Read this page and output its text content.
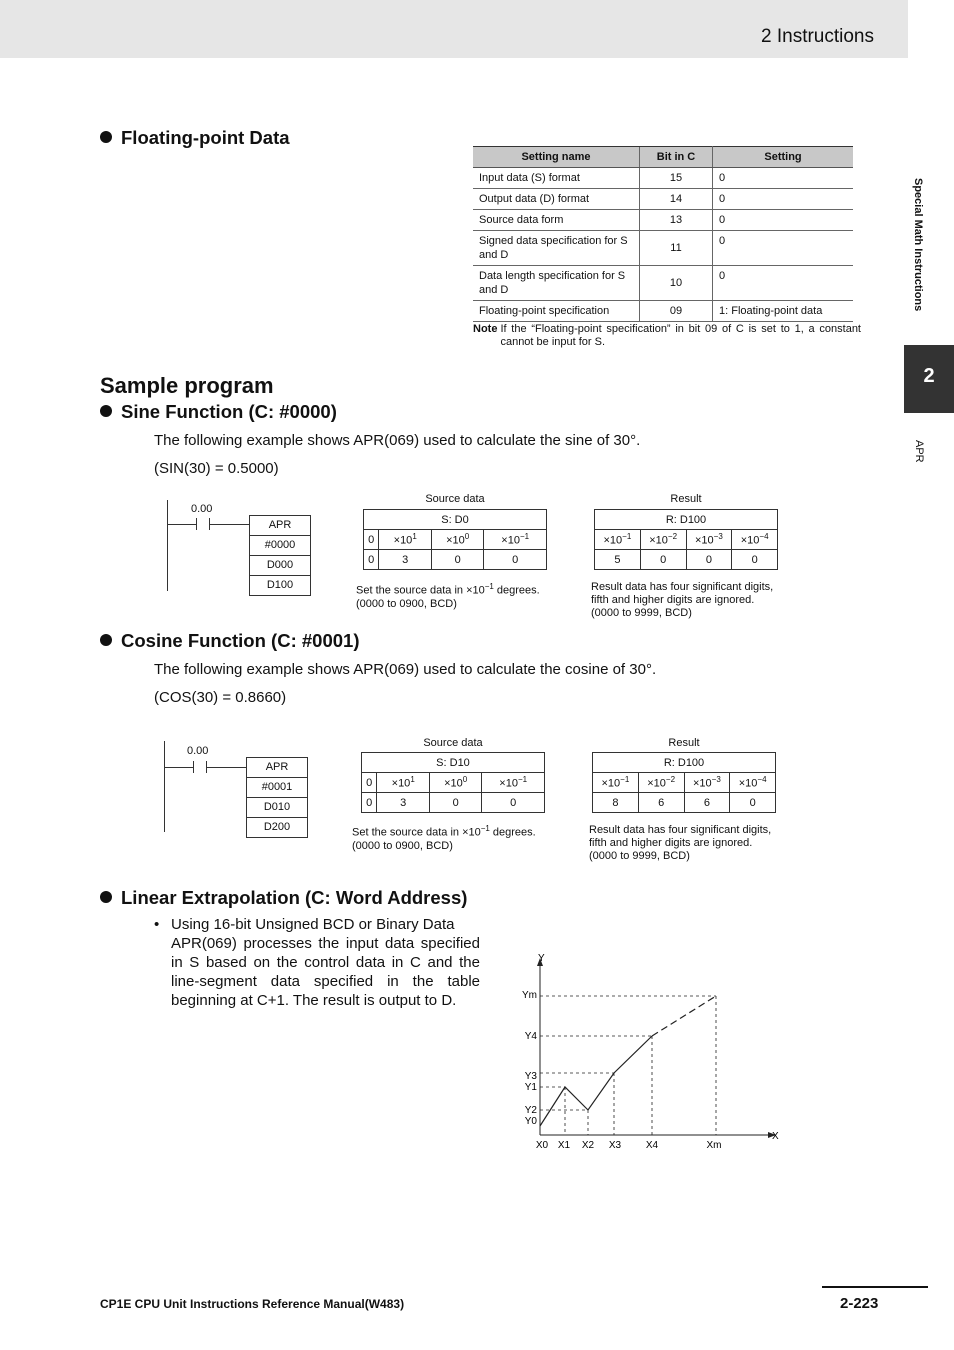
2 Instructions
Special Math Instructions
2
APR
Floating-point Data
Setting name	Bit in C	Setting
Input data (S) format	15	0
Output data (D) format	14	0
Source data form	13	0
Signed data specification for S and D	11	0
Data length specification for S and D	10	0
Floating-point specification	09	1: Floating-point data
Note If the “Floating-point specification” in bit 09 of C is set to 1, a constant cannot be input for S.
Sample program
Sine Function (C: #0000)
The following example shows APR(069) used to calculate the sine of 30°.
(SIN(30) = 0.5000)
0.00
APR
#0000
D000
D100
Source data
S: D0			
0	$\times 10^1$	$\times 10^0$	$\times 10^{-1}$
0	3	0	0
Set the source data in $\times 10^{-1}$ degrees.
(0000 to 0900, BCD)
Result
R: D100			
$\times 10^{-1}$	$\times 10^{-2}$	$\times 10^{-3}$	$\times 10^{-4}$
5	0	0	0
Result data has four significant digits,
fifth and higher digits are ignored.
(0000 to 9999, BCD)
Cosine Function (C: #0001)
The following example shows APR(069) used to calculate the cosine of 30°.
(COS(30) = 0.8660)
0.00
APR
#0001
D010
D200
Source data
S: D10			
0	$\times 10^1$	$\times 10^0$	$\times 10^{-1}$
0	3	0	0
Set the source data in $\times 10^{-1}$ degrees.
(0000 to 0900, BCD)
Result
R: D100			
$\times 10^{-1}$	$\times 10^{-2}$	$\times 10^{-3}$	$\times 10^{-4}$
8	6	6	0
Result data has four significant digits,
fifth and higher digits are ignored.
(0000 to 9999, BCD)
Linear Extrapolation (C: Word Address)
• Using 16-bit Unsigned BCD or Binary Data
APR(069) processes the input data specified in S based on the control data in C and the line-segment data specified in the table beginning at C+1. The result is output to D.
Y
X
Ym
Y4
Y3
Y1
Y2
Y0
X0 X1 X2 X3 X4	Xm
CP1E CPU Unit Instructions Reference Manual(W483)	2-223
